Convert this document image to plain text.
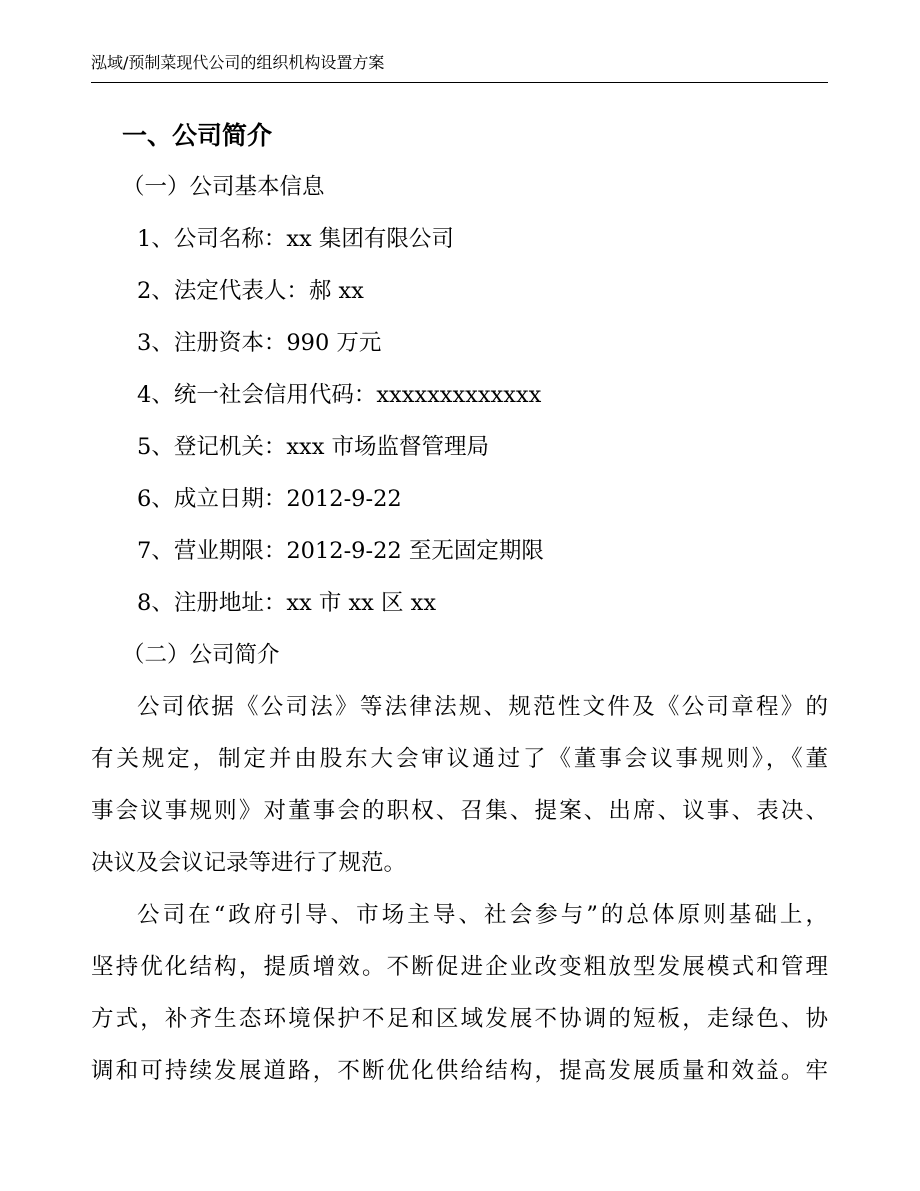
泓域/预制菜现代公司的组织机构设置方案
一、公司简介
（一）公司基本信息
1、公司名称：xx 集团有限公司
2、法定代表人：郝 xx
3、注册资本：990 万元
4、统一社会信用代码：xxxxxxxxxxxxx
5、登记机关：xxx 市场监督管理局
6、成立日期：2012-9-22
7、营业期限：2012-9-22 至无固定期限
8、注册地址：xx 市 xx 区 xx
（二）公司简介
公司依据《公司法》等法律法规、规范性文件及《公司章程》的
有关规定，制定并由股东大会审议通过了《董事会议事规则》，《董
事会议事规则》对董事会的职权、召集、提案、出席、议事、表决、
决议及会议记录等进行了规范。
公司在“政府引导、市场主导、社会参与”的总体原则基础上，
坚持优化结构，提质增效。不断促进企业改变粗放型发展模式和管理
方式，补齐生态环境保护不足和区域发展不协调的短板，走绿色、协
调和可持续发展道路，不断优化供给结构，提高发展质量和效益。牢
